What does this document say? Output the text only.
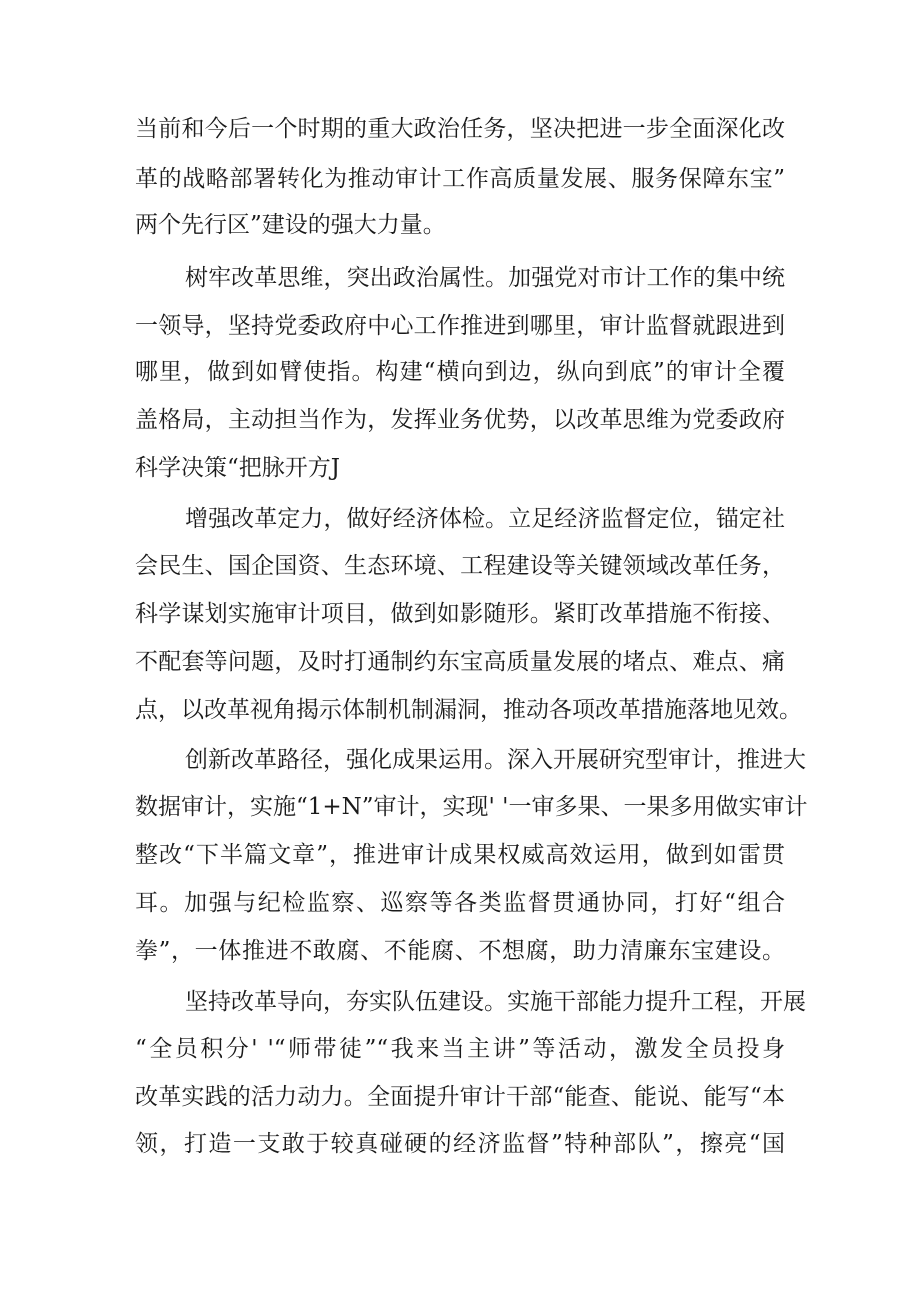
当前和今后一个时期的重大政治任务，坚决把进一步全面深化改
革的战略部署转化为推动审计工作高质量发展、服务保障东宝”
两个先行区”建设的强大力量。
树牢改革思维，突出政治属性。加强党对市计工作的集中统
一领导，坚持党委政府中心工作推进到哪里，审计监督就跟进到
哪里，做到如臂使指。构建“横向到边，纵向到底”的审计全覆
盖格局，主动担当作为，发挥业务优势，以改革思维为党委政府
科学决策“把脉开方J
增强改革定力，做好经济体检。立足经济监督定位，锚定社
会民生、国企国资、生态环境、工程建设等关键领域改革任务，
科学谋划实施审计项目，做到如影随形。紧盯改革措施不衔接、
不配套等问题，及时打通制约东宝高质量发展的堵点、难点、痛
点，以改革视角揭示体制机制漏洞，推动各项改革措施落地见效。
创新改革路径，强化成果运用。深入开展研究型审计，推进大
数据审计，实施“1+N”审计，实现' '一审多果、一果多用做实审计
整改“下半篇文章”，推进审计成果权威高效运用，做到如雷贯
耳。加强与纪检监察、巡察等各类监督贯通协同，打好“组合
拳”，一体推进不敢腐、不能腐、不想腐，助力清廉东宝建设。
坚持改革导向，夯实队伍建设。实施干部能力提升工程，开展
“全员积分' '“师带徒”“我来当主讲”等活动，激发全员投身
改革实践的活力动力。全面提升审计干部“能查、能说、能写“本
领，打造一支敢于较真碰硬的经济监督”特种部队”，擦亮“国
